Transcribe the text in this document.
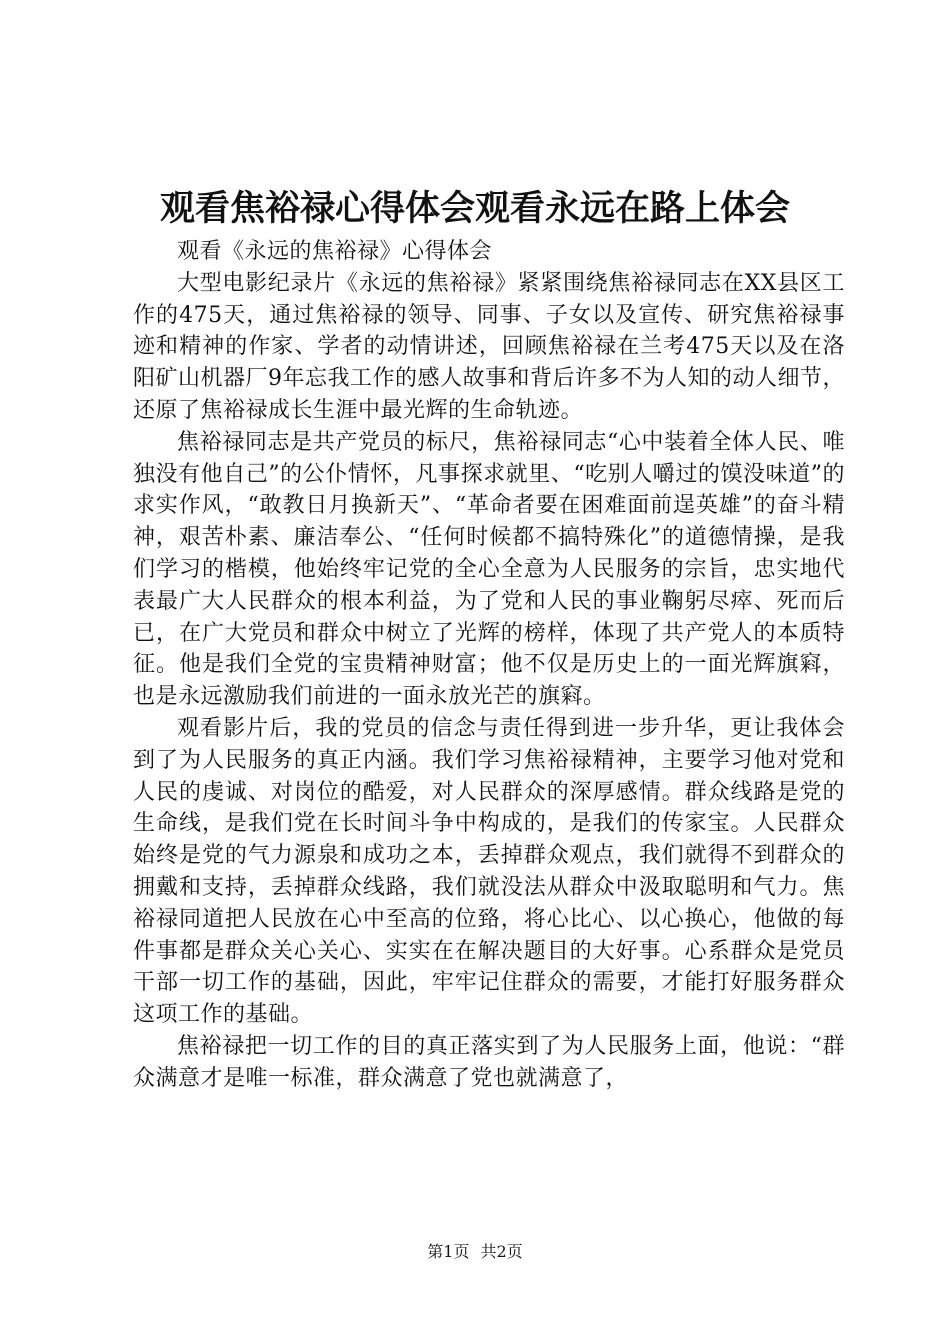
观看焦裕禄心得体会观看永远在路上体会

观看《永远的焦裕禄》心得体会

大型电影纪录片《永远的焦裕禄》紧紧围绕焦裕禄同志在XX县区工作的475天，通过焦裕禄的领导、同事、子女以及宣传、研究焦裕禄事迹和精神的作家、学者的动情讲述，回顾焦裕禄在兰考475天以及在洛阳矿山机器厂9年忘我工作的感人故事和背后许多不为人知的动人细节，还原了焦裕禄成长生涯中最光辉的生命轨迹。

焦裕禄同志是共产党员的标尺，焦裕禄同志“心中装着全体人民、唯独没有他自己”的公仆情怀，凡事探求就里、“吃别人嚼过的馍没味道”的求实作风，“敢教日月换新天”、“革命者要在困难面前逞英雄”的奋斗精神，艰苦朴素、廉洁奉公、“任何时候都不搞特殊化”的道德情操，是我们学习的楷模，他始终牢记党的全心全意为人民服务的宗旨，忠实地代表最广大人民群众的根本利益，为了党和人民的事业鞠躬尽瘁、死而后已，在广大党员和群众中树立了光辉的榜样，体现了共产党人的本质特征。他是我们全党的宝贵精神财富；他不仅是历史上的一面光辉旗窲，也是永远激励我们前进的一面永放光芒的旗窲。

观看影片后，我的党员的信念与责任得到进一步升华，更让我体会到了为人民服务的真正内涵。我们学习焦裕禄精神，主要学习他对党和人民的虔诚、对岗位的酷爱，对人民群众的深厚感情。群众线路是党的生命线，是我们党在长时间斗争中构成的，是我们的传家宝。人民群众始终是党的气力源泉和成功之本，丢掉群众观点，我们就得不到群众的拥戴和支持，丢掉群众线路，我们就没法从群众中汲取聪明和气力。焦裕禄同道把人民放在心中至高的位臵，将心比心、以心换心，他做的每件事都是群众关心关心、实实在在解决题目的大好事。心系群众是党员干部一切工作的基础，因此，牢牢记住群众的需要，才能打好服务群众这项工作的基础。

焦裕禄把一切工作的目的真正落实到了为人民服务上面，他说：“群众满意才是唯一标准，群众满意了党也就满意了，

第1页 共2页
